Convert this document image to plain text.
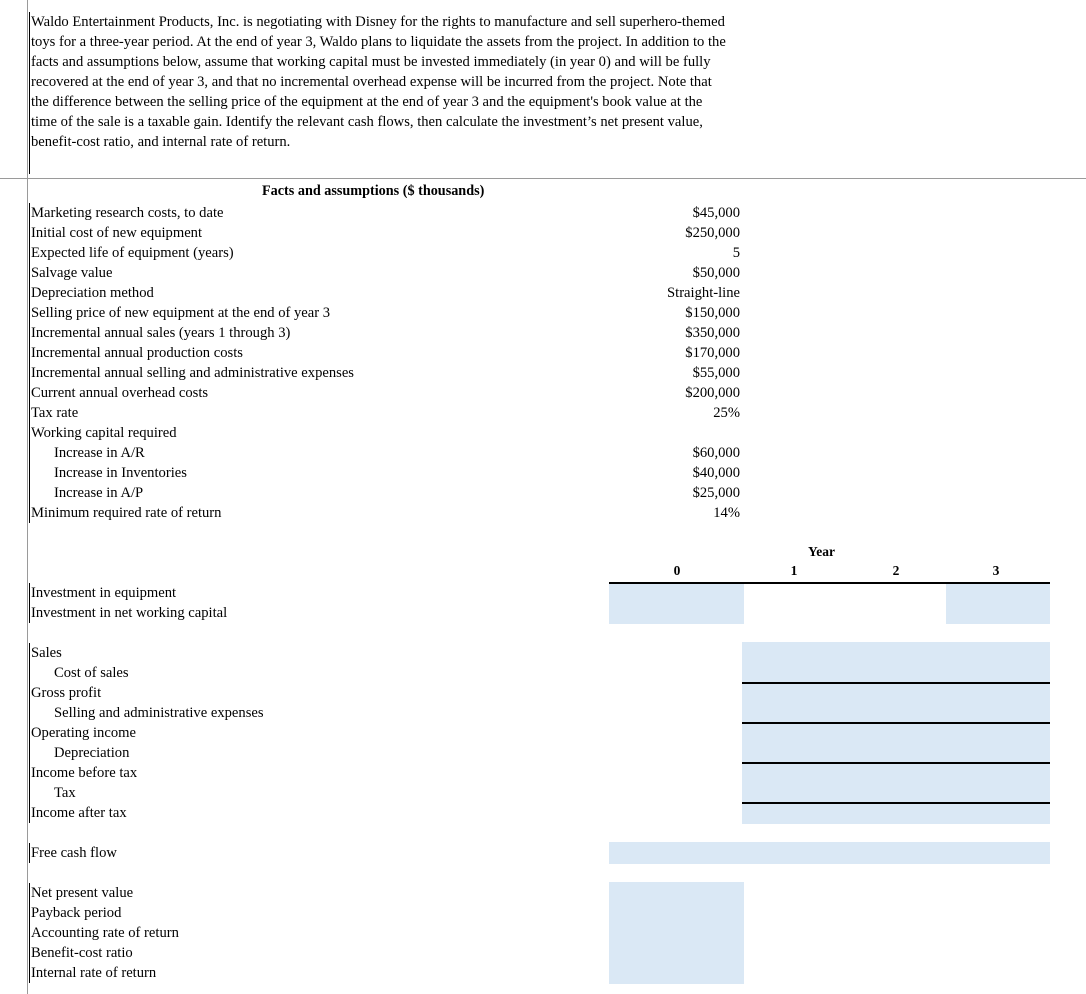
Waldo Entertainment Products, Inc. is negotiating with Disney for the rights to manufacture and sell superhero-themed toys for a three-year period. At the end of year 3, Waldo plans to liquidate the assets from the project. In addition to the facts and assumptions below, assume that working capital must be invested immediately (in year 0) and will be fully recovered at the end of year 3, and that no incremental overhead expense will be incurred from the project. Note that the difference between the selling price of the equipment at the end of year 3 and the equipment's book value at the time of the sale is a taxable gain. Identify the relevant cash flows, then calculate the investment’s net present value, benefit-cost ratio, and internal rate of return.

Facts and assumptions ($ thousands)
Marketing research costs, to date	$45,000
Initial cost of new equipment	$250,000
Expected life of equipment (years)	5
Salvage value	$50,000
Depreciation method	Straight-line
Selling price of new equipment at the end of year 3	$150,000
Incremental annual sales (years 1 through 3)	$350,000
Incremental annual production costs	$170,000
Incremental annual selling and administrative expenses	$55,000
Current annual overhead costs	$200,000
Tax rate	25%
Working capital required
Increase in A/R	$60,000
Increase in Inventories	$40,000
Increase in A/P	$25,000
Minimum required rate of return	14%
Year
0	1	2	3
Investment in equipment
Investment in net working capital
Sales
Cost of sales
Gross profit
Selling and administrative expenses
Operating income
Depreciation
Income before tax
Tax
Income after tax
Free cash flow
Net present value
Payback period
Accounting rate of return
Benefit-cost ratio
Internal rate of return
